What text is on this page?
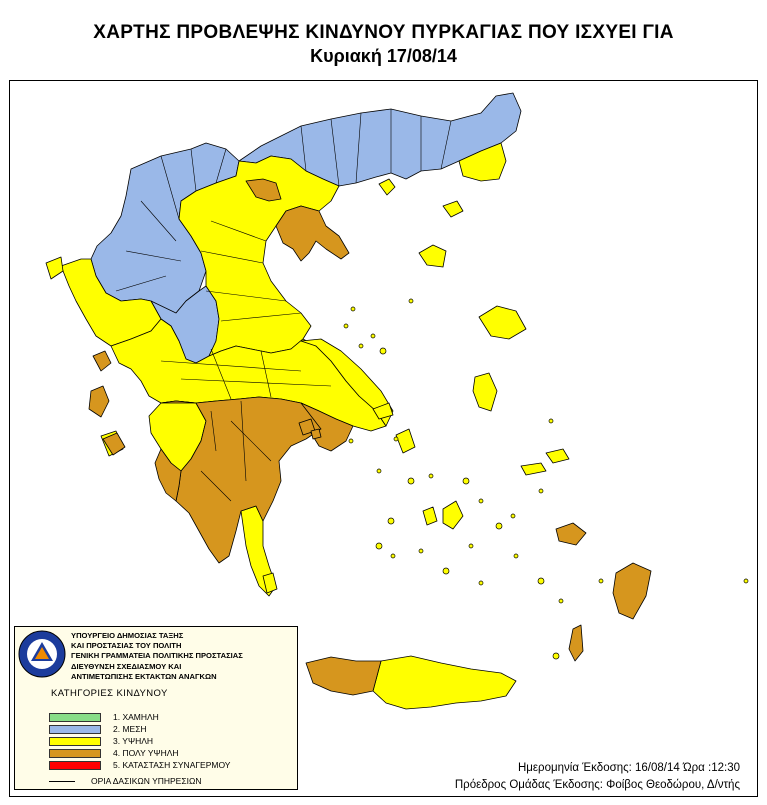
ΧΑΡΤΗΣ ΠΡΟΒΛΕΨΗΣ ΚΙΝΔΥΝΟΥ ΠΥΡΚΑΓΙΑΣ ΠΟΥ ΙΣΧΥΕΙ ΓΙΑ
Κυριακή 17/08/14
ΥΠΟΥΡΓΕΙΟ ΔΗΜΟΣΙΑΣ ΤΑΞΗΣ
ΚΑΙ ΠΡΟΣΤΑΣΙΑΣ ΤΟΥ ΠΟΛΙΤΗ
ΓΕΝΙΚΗ ΓΡΑΜΜΑΤΕΙΑ ΠΟΛΙΤΙΚΗΣ ΠΡΟΣΤΑΣΙΑΣ
ΔΙΕΥΘΥΝΣΗ ΣΧΕΔΙΑΣΜΟΥ ΚΑΙ
ΑΝΤΙΜΕΤΩΠΙΣΗΣ ΕΚΤΑΚΤΩΝ ΑΝΑΓΚΩΝ
ΚΑΤΗΓΟΡΙΕΣ ΚΙΝΔΥΝΟΥ
1. ΧΑΜΗΛΗ
2. ΜΕΣΗ
3. ΥΨΗΛΗ
4. ΠΟΛΥ ΥΨΗΛΗ
5. ΚΑΤΑΣΤΑΣΗ ΣΥΝΑΓΕΡΜΟΥ
ΟΡΙΑ ΔΑΣΙΚΩΝ ΥΠΗΡΕΣΙΩΝ
Ημερομηνία Έκδοσης: 16/08/14 Ώρα :12:30
Πρόεδρος Ομάδας Έκδοσης: Φοίβος Θεοδώρου, Δ/ντής
